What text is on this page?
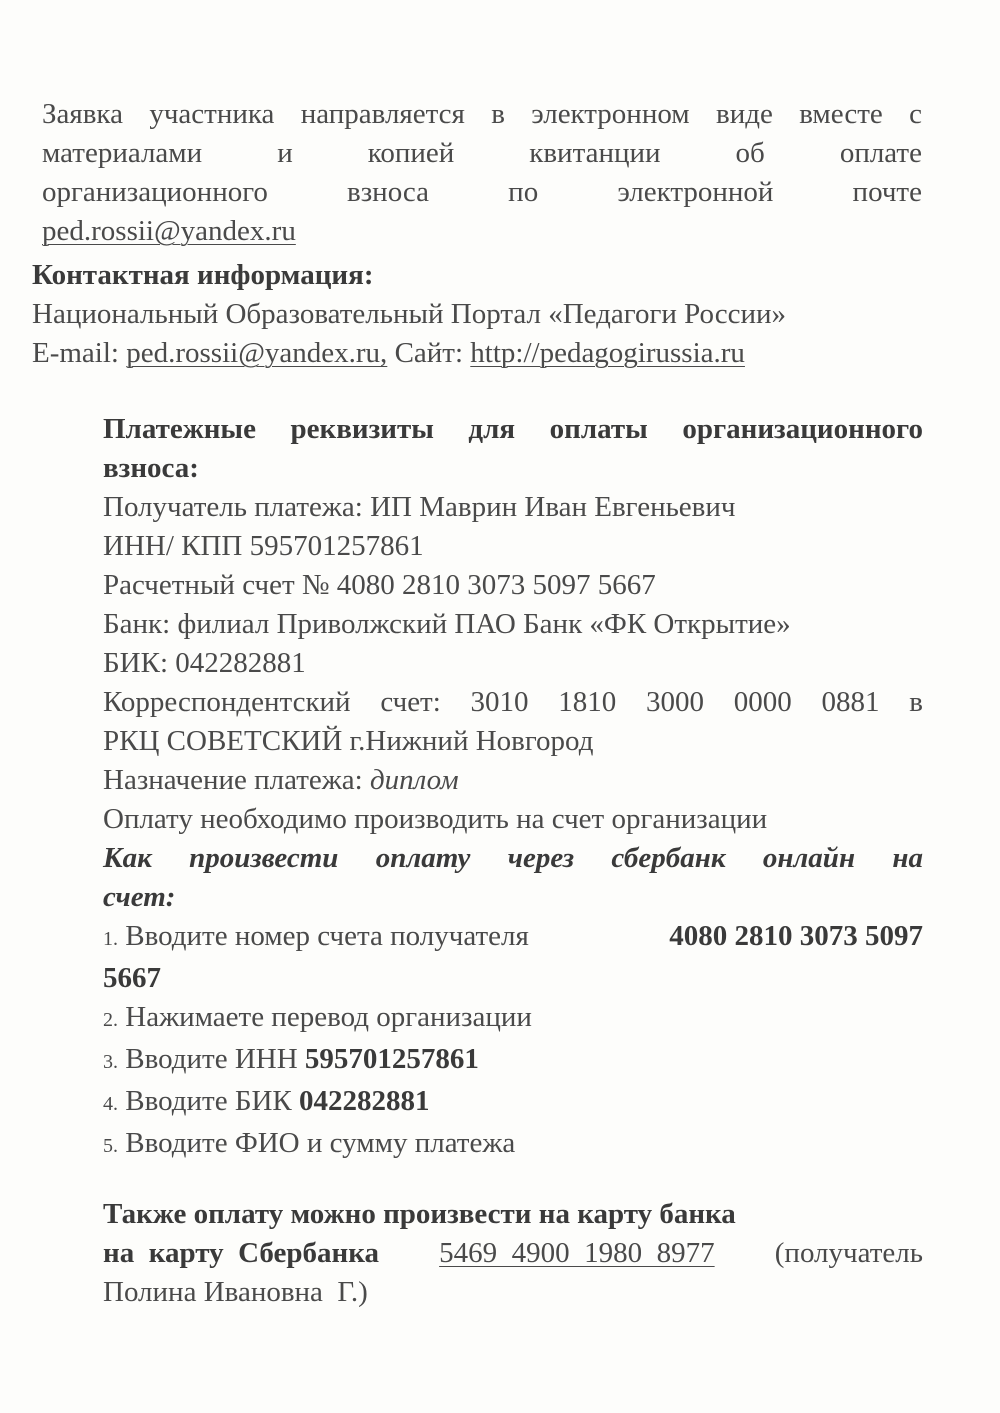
Заявка участника направляется в электронном виде вместе с
материалами	и	копией	квитанции	об	оплате
организационного	взноса	по	электронной	почте
ped.rossii@yandex.ru
Контактная информация:
Национальный Образовательный Портал «Педагоги России»
E-mail: ped.rossii@yandex.ru, Сайт: http://pedagogirussia.ru
Платежные реквизиты для оплаты организационного
взноса:
Получатель платежа: ИП Маврин Иван Евгеньевич
ИНН/ КПП 595701257861
Расчетный счет № 4080 2810 3073 5097 5667
Банк: филиал Приволжский ПАО Банк «ФК Открытие»
БИК: 042282881
Корреспондентский счет: 3010 1810 3000 0000 0881 в
РКЦ СОВЕТСКИЙ г.Нижний Новгород
Назначение платежа: диплом
Оплату необходимо производить на счет организации
Как произвести оплату через сбербанк онлайн на
счет:
1. Вводите номер счета получателя	4080 2810 3073 5097
5667
2. Нажимаете перевод организации
3. Вводите ИНН 595701257861
4. Вводите БИК 042282881
5. Вводите ФИО и сумму платежа
Также оплату можно произвести на карту банка
на  карту  Сбербанка 5469  4900  1980  8977 (получатель
Полина Ивановна  Г.)
